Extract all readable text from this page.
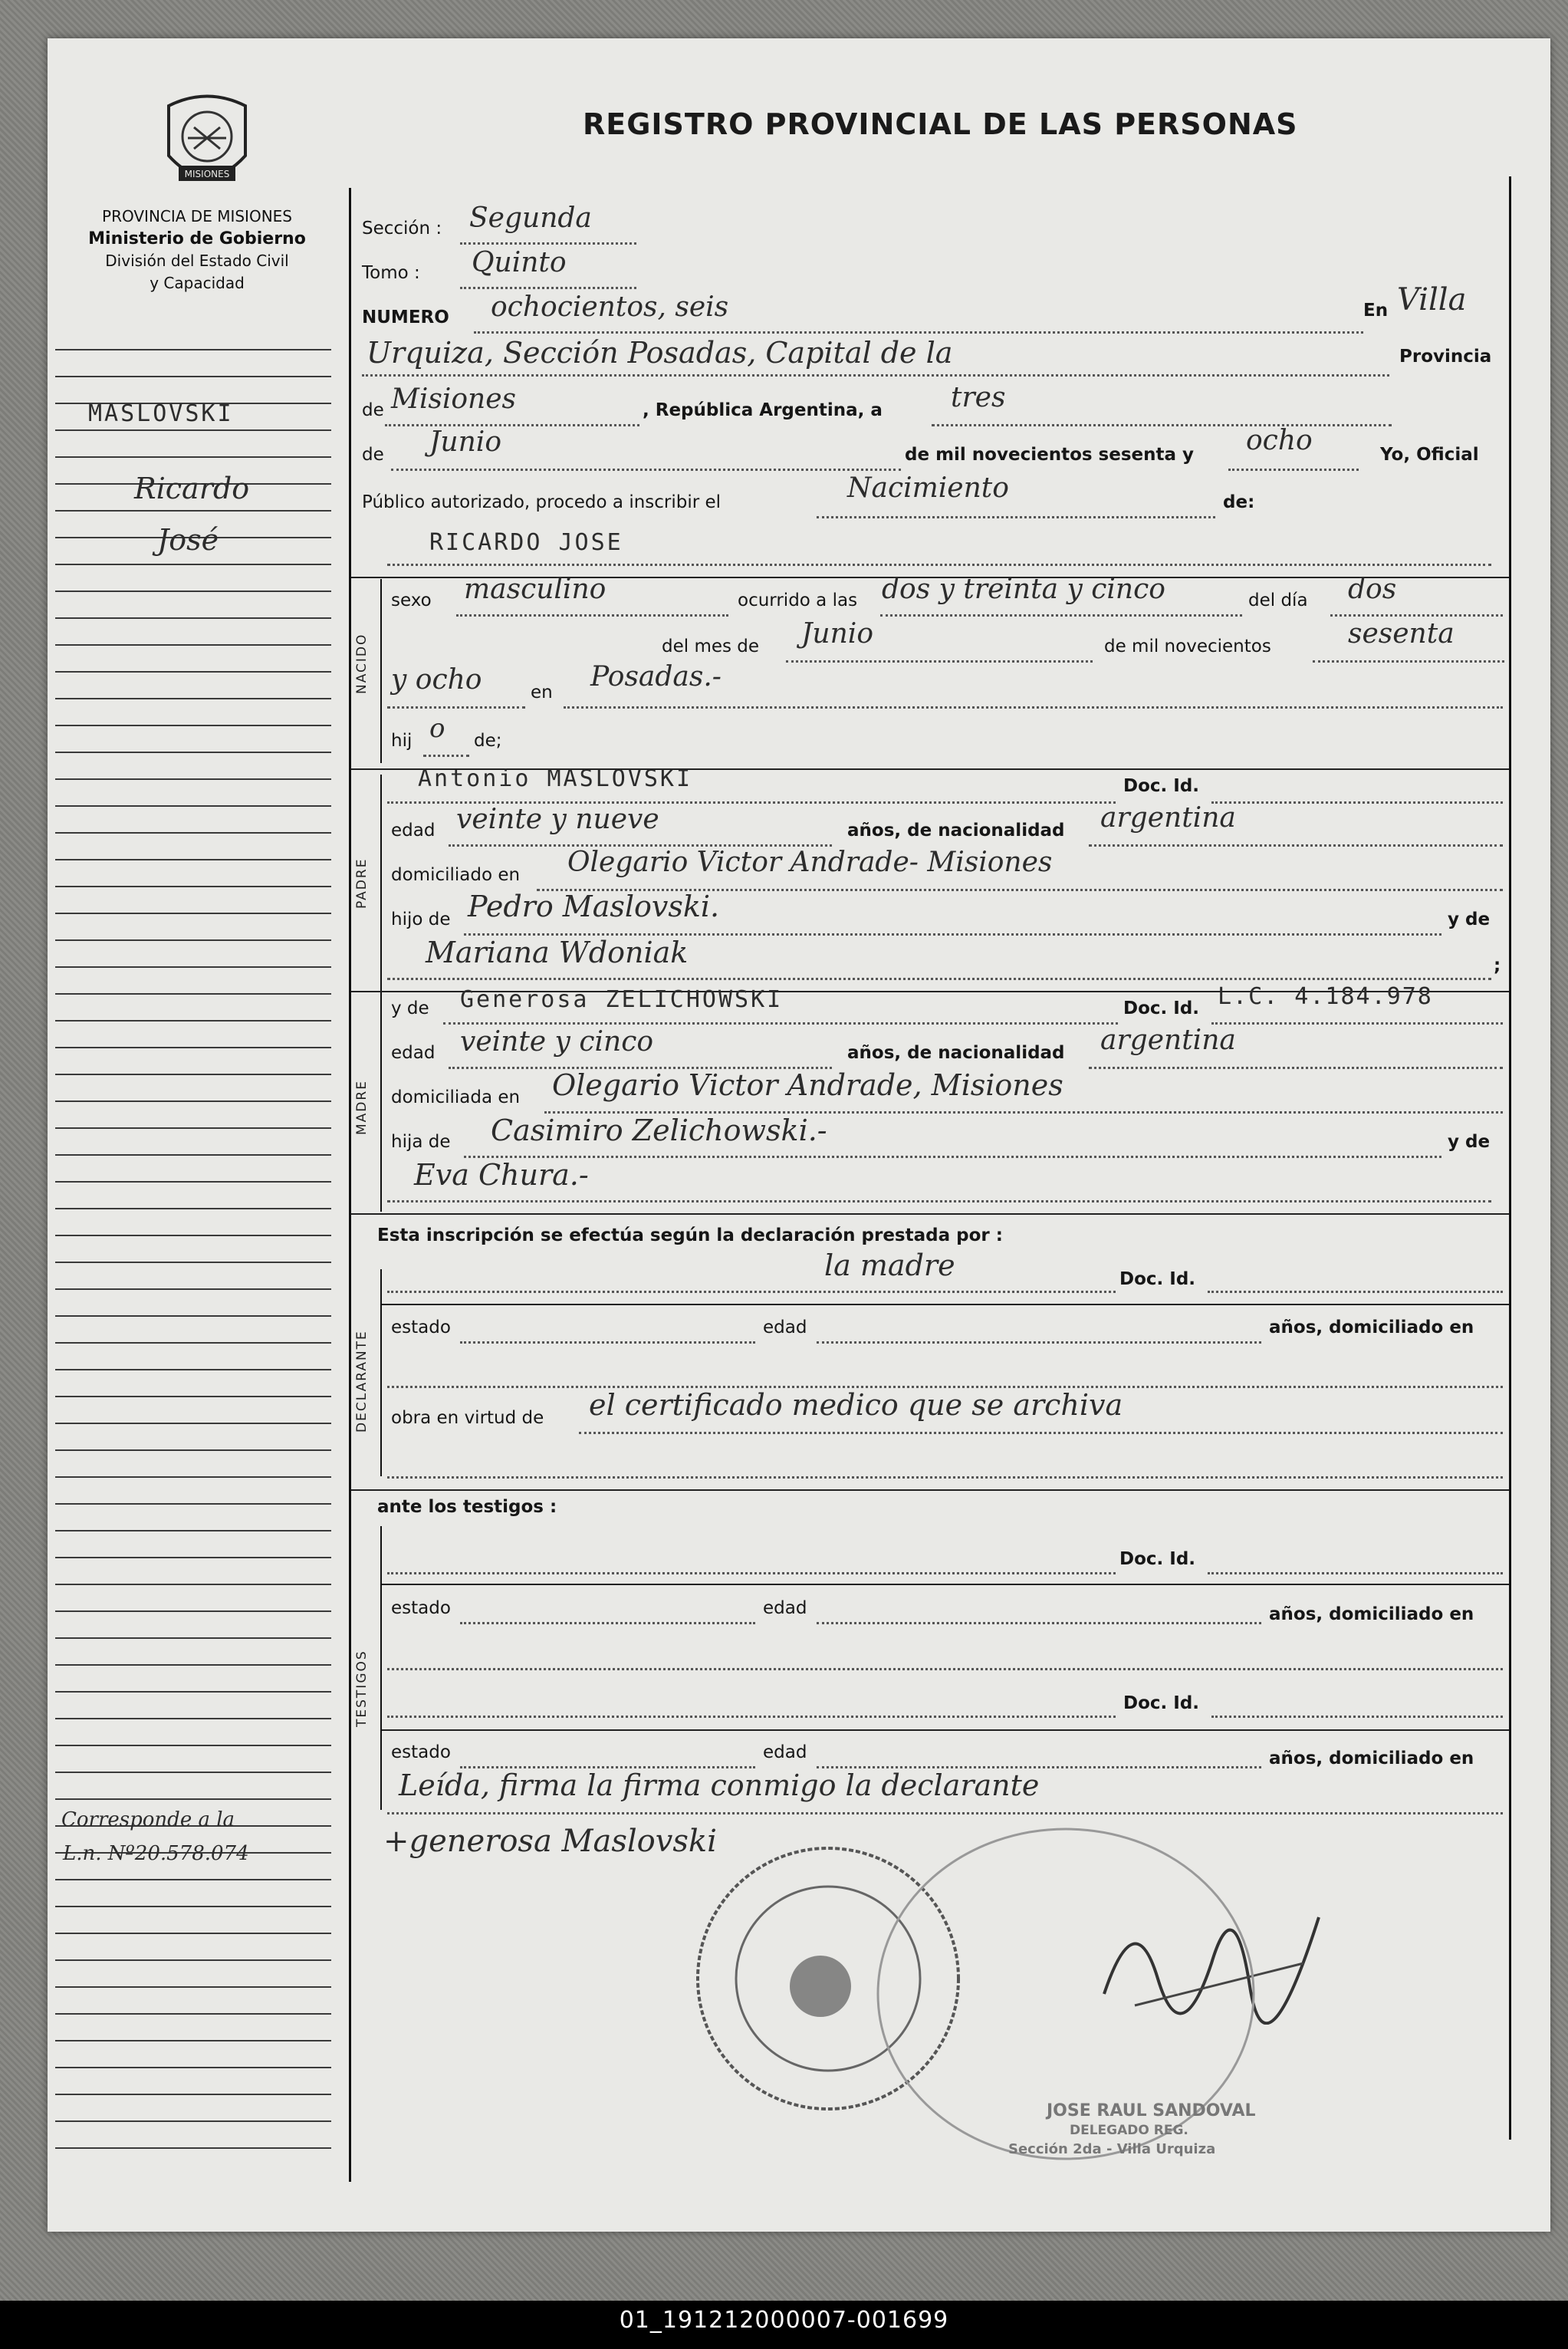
REGISTRO PROVINCIAL DE LAS PERSONAS
MISIONES
PROVINCIA DE MISIONES
Ministerio de Gobierno
División del Estado Civil
y Capacidad
MASLOVSKI
Ricardo
José
Corresponde a la
L.n. Nº20.578.074
NACIDO
PADRE
MADRE
DECLARANTE
TESTIGOS
Sección : Segunda
Tomo : Quinto
NUMERO ochocientos, seis	En Villa
Urquiza, Sección Posadas, Capital de la	Provincia
de Misiones	, República Argentina, a tres
de Junio	de mil novecientos sesenta y ocho	Yo, Oficial
Público autorizado, procedo a inscribir el	Nacimiento	de:
RICARDO JOSE
sexo masculino	ocurrido a las dos y treinta y cinco	del día dos
del mes de Junio	de mil novecientos	sesenta
y ocho	en Posadas.-
hij o de;
Antonio MASLOVSKI	Doc. Id.
edad veinte y nueve	años, de nacionalidad argentina
domiciliado en Olegario Victor Andrade- Misiones
hijo de Pedro Maslovski.	y de
Mariana Wdoniak	;
y de Generosa ZELICHOWSKI	Doc. Id. L.C. 4.184.978
edad veinte y cinco	años, de nacionalidad argentina
domiciliada en Olegario Victor Andrade, Misiones
hija de Casimiro Zelichowski.-	y de
Eva Chura.-
Esta inscripción se efectúa según la declaración prestada por :
la madre	Doc. Id.
estado	edad	años, domiciliado en
obra en virtud de el certificado medico que se archiva
ante los testigos :
Doc. Id.
estado	edad	años, domiciliado en
Doc. Id.
estado	edad	años, domiciliado en
Leída, firma la firma conmigo la declarante
+generosa Maslovski
JOSE RAUL SANDOVAL
DELEGADO REG.
Sección 2da - Villa Urquiza
01_191212000007-001699
